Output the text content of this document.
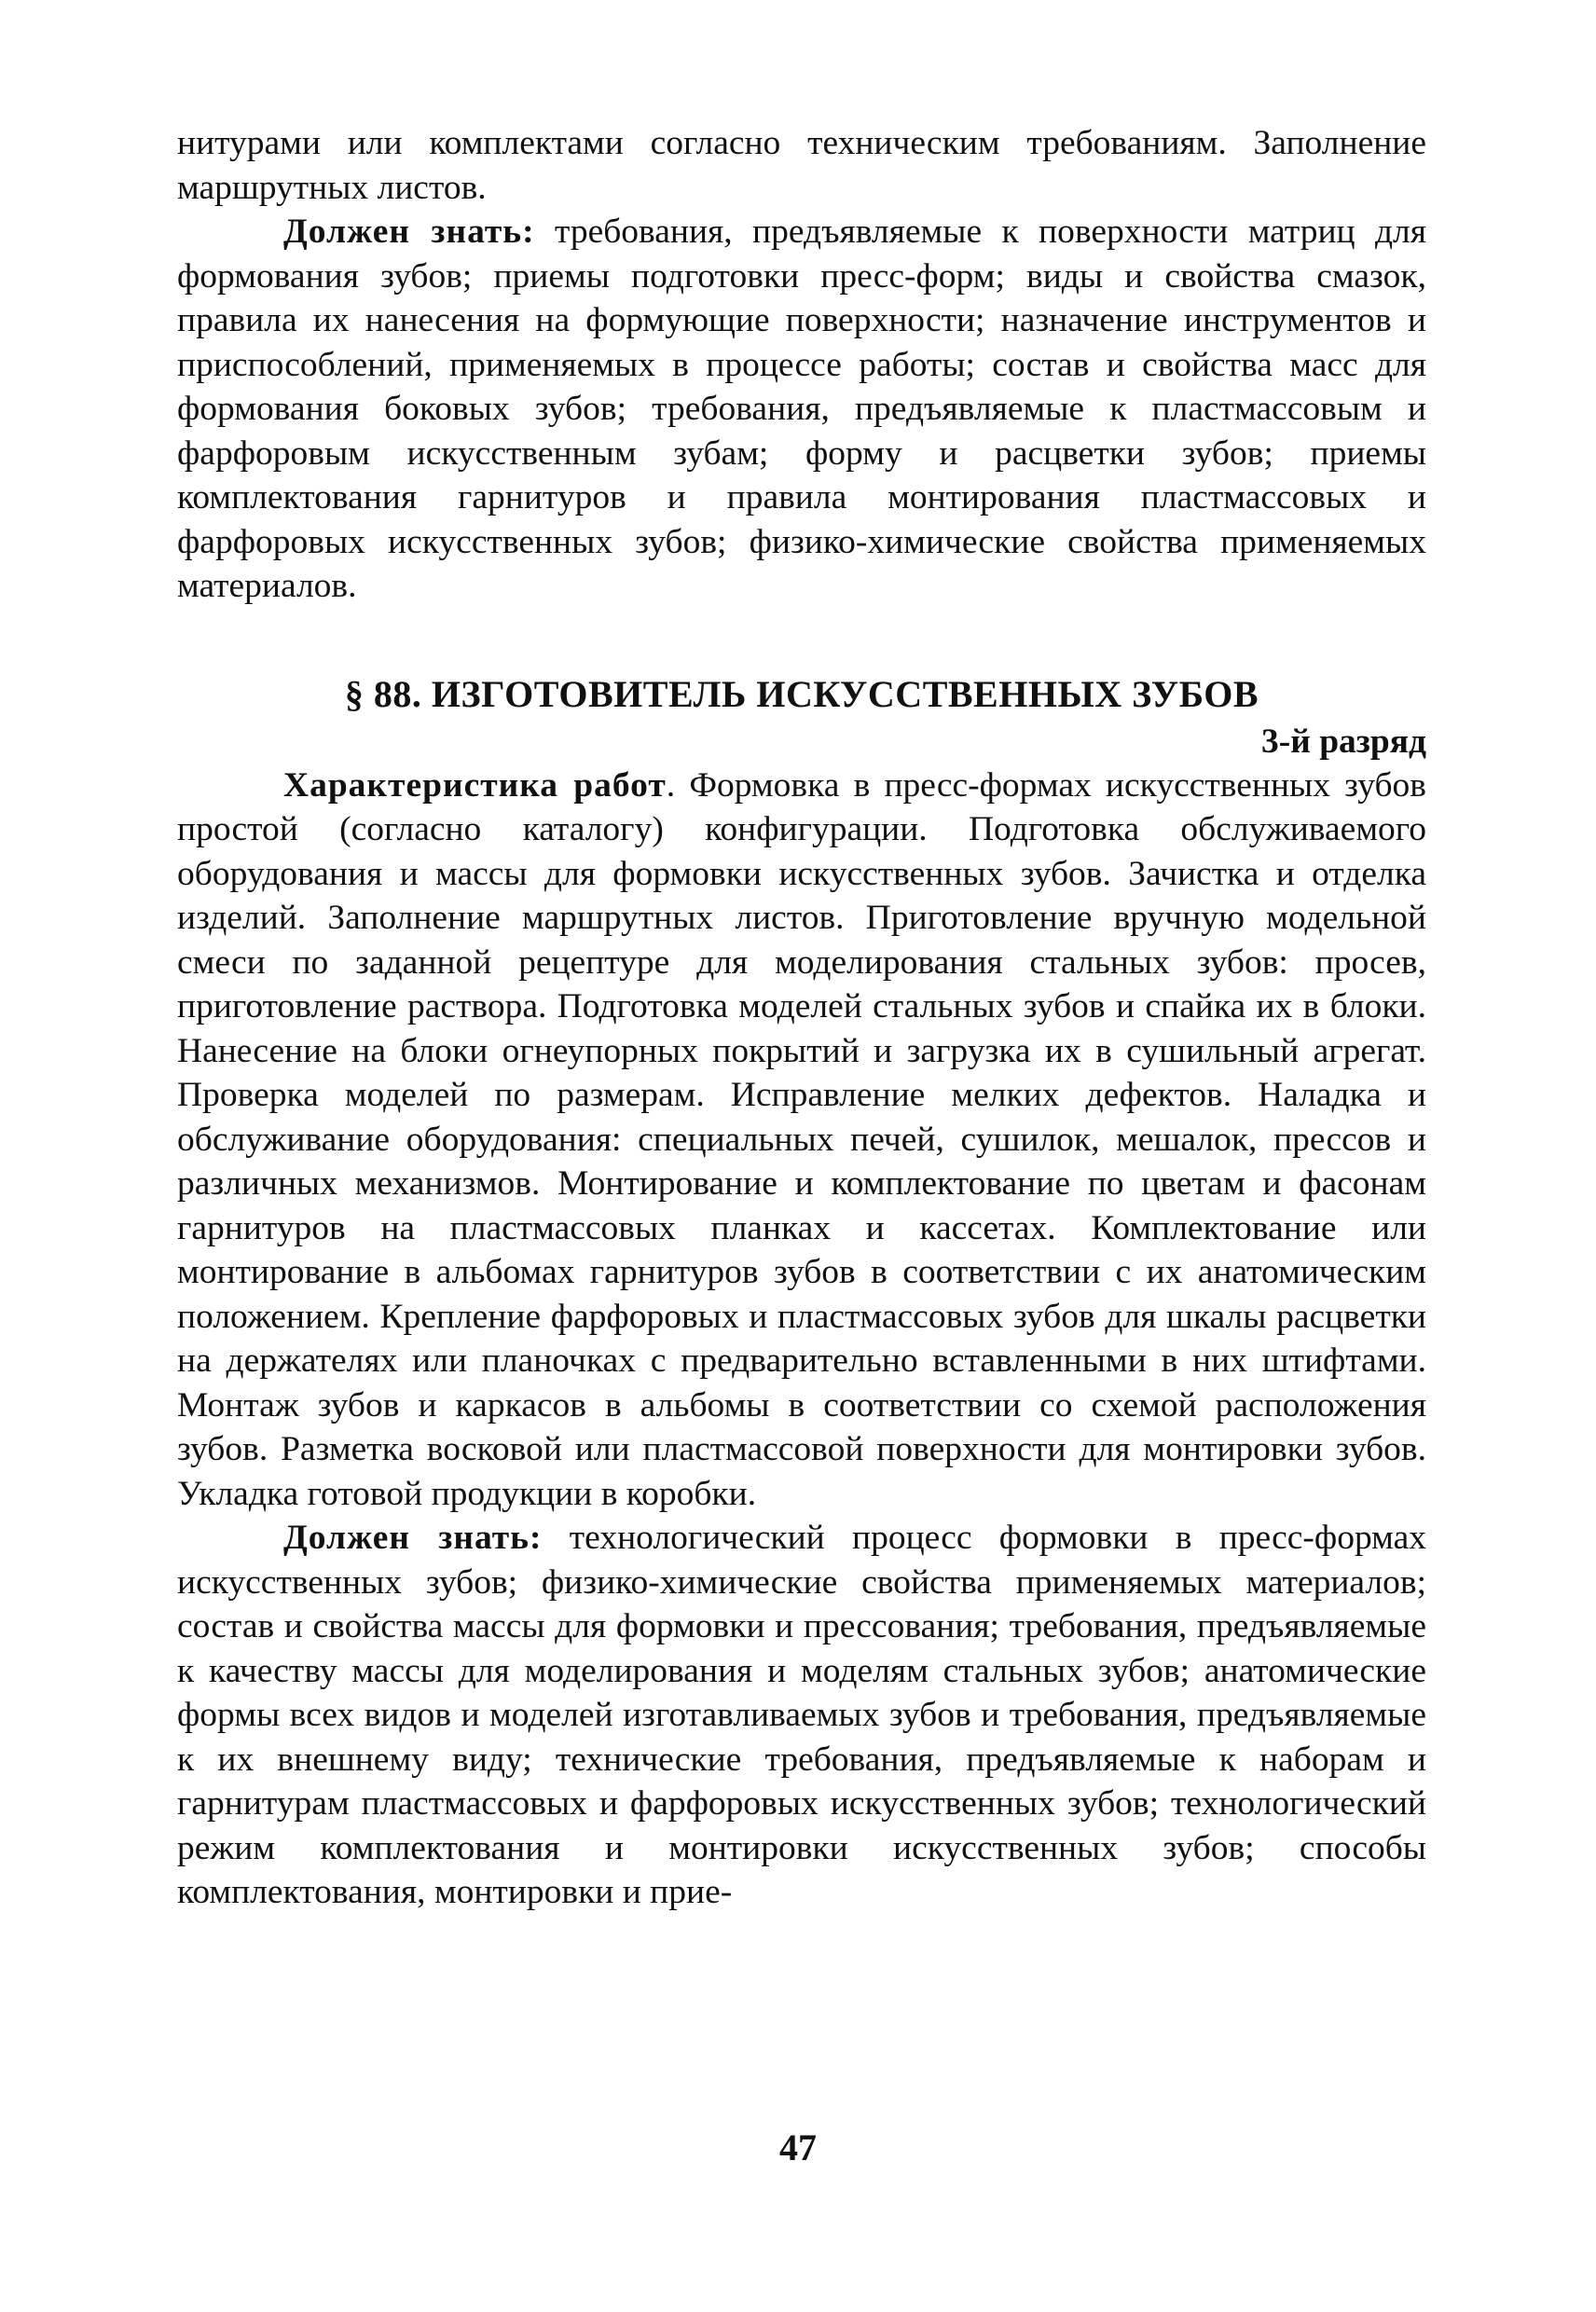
нитурами или комплектами согласно техническим требованиям. Заполнение маршрутных листов.

Должен знать: требования, предъявляемые к поверхности матриц для формования зубов; приемы подготовки пресс-форм; виды и свойства смазок, правила их нанесения на формующие поверхности; назначение инструментов и приспособлений, применяемых в процессе работы; состав и свойства масс для формования боковых зубов; требования, предъявляемые к пластмассовым и фарфоровым искусственным зубам; форму и расцветки зубов; приемы комплектования гарнитуров и правила монтирования пластмассовых и фарфоровых искусственных зубов; физико-химические свойства применяемых материалов.

§ 88. ИЗГОТОВИТЕЛЬ ИСКУССТВЕННЫХ ЗУБОВ
3-й разряд

Характеристика работ. Формовка в пресс-формах искусственных зубов простой (согласно каталогу) конфигурации. Подготовка обслуживаемого оборудования и массы для формовки искусственных зубов. Зачистка и отделка изделий. Заполнение маршрутных листов. Приготовление вручную модельной смеси по заданной рецептуре для моделирования стальных зубов: просев, приготовление раствора. Подготовка моделей стальных зубов и спайка их в блоки. Нанесение на блоки огнеупорных покрытий и загрузка их в сушильный агрегат. Проверка моделей по размерам. Исправление мелких дефектов. Наладка и обслуживание оборудования: специальных печей, сушилок, мешалок, прессов и различных механизмов. Монтирование и комплектование по цветам и фасонам гарнитуров на пластмассовых планках и кассетах. Комплектование или монтирование в альбомах гарнитуров зубов в соответствии с их анатомическим положением. Крепление фарфоровых и пластмассовых зубов для шкалы расцветки на держателях или планочках с предварительно вставленными в них штифтами. Монтаж зубов и каркасов в альбомы в соответствии со схемой расположения зубов. Разметка восковой или пластмассовой поверхности для монтировки зубов. Укладка готовой продукции в коробки.

Должен знать: технологический процесс формовки в пресс-формах искусственных зубов; физико-химические свойства применяемых материалов; состав и свойства массы для формовки и прессования; требования, предъявляемые к качеству массы для моделирования и моделям стальных зубов; анатомические формы всех видов и моделей изготавливаемых зубов и требования, предъявляемые к их внешнему виду; технические требования, предъявляемые к наборам и гарнитурам пластмассовых и фарфоровых искусственных зубов; технологический режим комплектования и монтировки искусственных зубов; способы комплектования, монтировки и прие-

47
